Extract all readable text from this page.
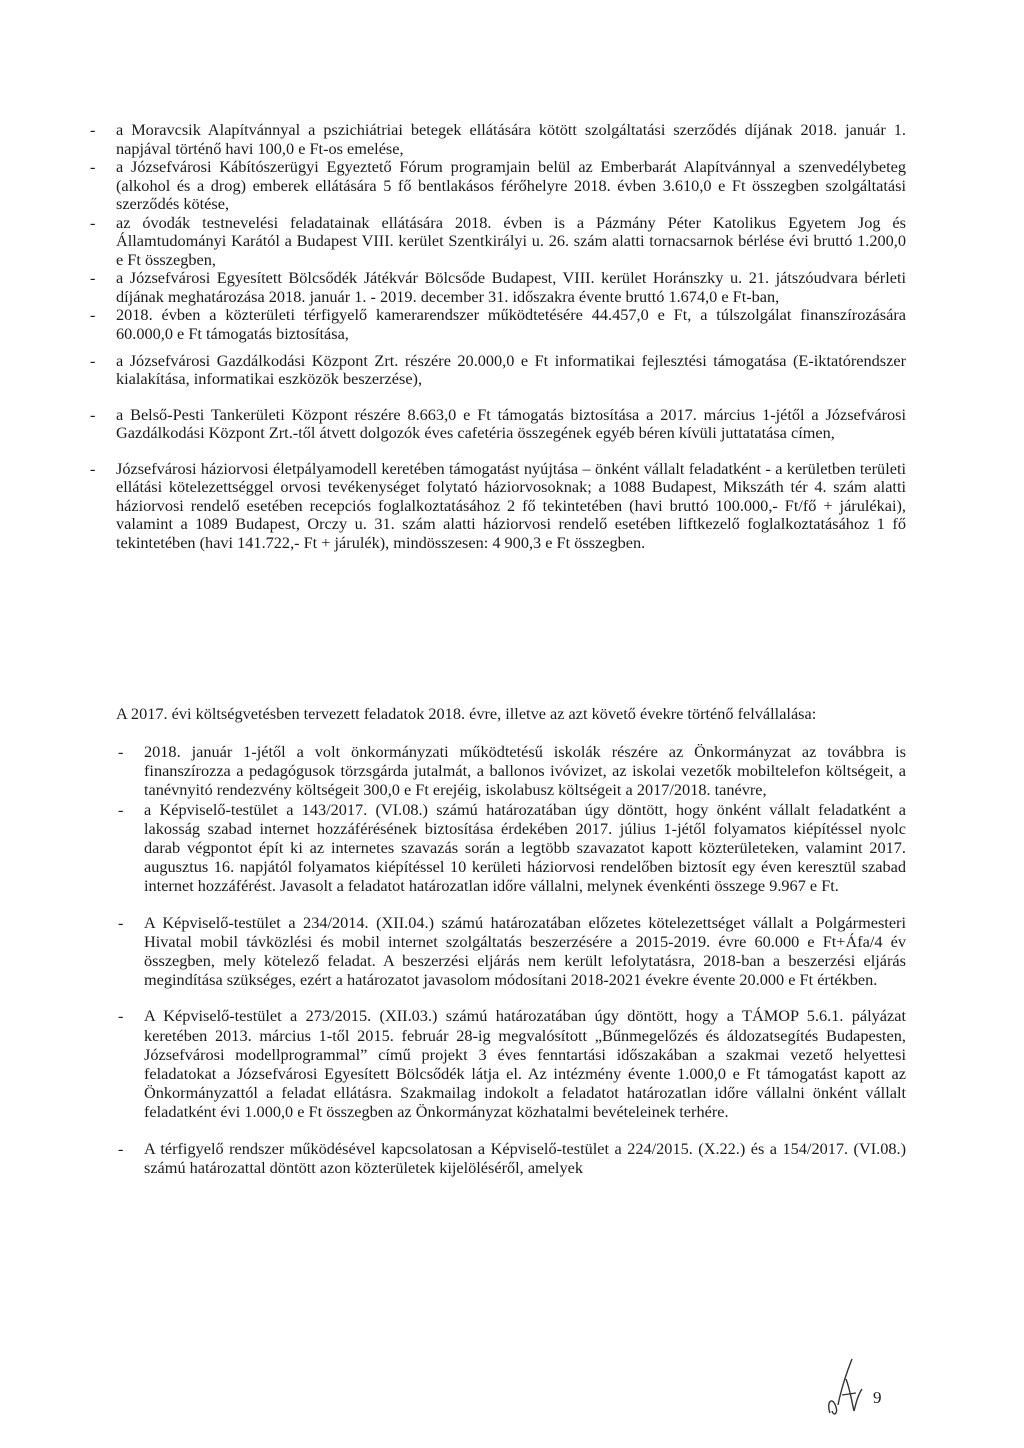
- a Moravcsik Alapítvánnyal a pszichiátriai betegek ellátására kötött szolgáltatási szerződés díjának 2018. január 1. napjával történő havi 100,0 e Ft-os emelése,
- a Józsefvárosi Kábítószerügyi Egyeztető Fórum programjain belül az Emberbarát Alapítvánnyal a szenvedélybeteg (alkohol és a drog) emberek ellátására 5 fő bentlakásos férőhelyre 2018. évben 3.610,0 e Ft összegben szolgáltatási szerződés kötése,
- az óvodák testnevelési feladatainak ellátására 2018. évben is a Pázmány Péter Katolikus Egyetem Jog és Államtudományi Karától a Budapest VIII. kerület Szentkirályi u. 26. szám alatti tornacsarnok bérlése évi bruttó 1.200,0 e Ft összegben,
- a Józsefvárosi Egyesített Bölcsődék Játékvár Bölcsőde Budapest, VIII. kerület Horánszky u. 21. játszóudvara bérleti díjának meghatározása 2018. január 1. - 2019. december 31. időszakra évente bruttó 1.674,0 e Ft-ban,
- 2018. évben a közterületi térfigyelő kamerarendszer működtetésére 44.457,0 e Ft, a túlszolgálat finanszírozására 60.000,0 e Ft támogatás biztosítása,
- a Józsefvárosi Gazdálkodási Központ Zrt. részére 20.000,0 e Ft informatikai fejlesztési támogatása (E-iktatórendszer kialakítása, informatikai eszközök beszerzése),
- a Belső-Pesti Tankerületi Központ részére 8.663,0 e Ft támogatás biztosítása a 2017. március 1-jétől a Józsefvárosi Gazdálkodási Központ Zrt.-től átvett dolgozók éves cafetéria összegének egyéb béren kívüli juttatatása címen,
- Józsefvárosi háziorvosi életpályamodell keretében támogatást nyújtása – önként vállalt feladatként - a kerületben területi ellátási kötelezettséggel orvosi tevékenységet folytató háziorvosoknak; a 1088 Budapest, Mikszáth tér 4. szám alatti háziorvosi rendelő esetében recepciós foglalkoztatásához 2 fő tekintetében (havi bruttó 100.000,- Ft/fő + járulékai), valamint a 1089 Budapest, Orczy u. 31. szám alatti háziorvosi rendelő esetében liftkezelő foglalkoztatásához 1 fő tekintetében (havi 141.722,- Ft + járulék), mindösszesen: 4 900,3 e Ft összegben.

A 2017. évi költségvetésben tervezett feladatok 2018. évre, illetve az azt követő évekre történő felvállalása:

- 2018. január 1-jétől a volt önkormányzati működtetésű iskolák részére az Önkormányzat az továbbra is finanszírozza a pedagógusok törzsgárda jutalmát, a ballonos ivóvizet, az iskolai vezetők mobiltelefon költségeit, a tanévnyitó rendezvény költségeit 300,0 e Ft erejéig, iskolabusz költségeit a 2017/2018. tanévre,
- a Képviselő-testület a 143/2017. (VI.08.) számú határozatában úgy döntött, hogy önként vállalt feladatként a lakosság szabad internet hozzáférésének biztosítása érdekében 2017. július 1-jétől folyamatos kiépítéssel nyolc darab végpontot épít ki az internetes szavazás során a legtöbb szavazatot kapott közterületeken, valamint 2017. augusztus 16. napjától folyamatos kiépítéssel 10 kerületi háziorvosi rendelőben biztosít egy éven keresztül szabad internet hozzáférést. Javasolt a feladatot határozatlan időre vállalni, melynek évenkénti összege 9.967 e Ft.
- A Képviselő-testület a 234/2014. (XII.04.) számú határozatában előzetes kötelezettséget vállalt a Polgármesteri Hivatal mobil távközlési és mobil internet szolgáltatás beszerzésére a 2015-2019. évre 60.000 e Ft+Áfa/4 év összegben, mely kötelező feladat. A beszerzési eljárás nem került lefolytatásra, 2018-ban a beszerzési eljárás megindítása szükséges, ezért a határozatot javasolom módosítani 2018-2021 évekre évente 20.000 e Ft értékben.
- A Képviselő-testület a 273/2015. (XII.03.) számú határozatában úgy döntött, hogy a TÁMOP 5.6.1. pályázat keretében 2013. március 1-től 2015. február 28-ig megvalósított „Bűnmegelőzés és áldozatsegítés Budapesten, Józsefvárosi modellprogrammal” című projekt 3 éves fenntartási időszakában a szakmai vezető helyettesi feladatokat a Józsefvárosi Egyesített Bölcsődék látja el. Az intézmény évente 1.000,0 e Ft támogatást kapott az Önkormányzattól a feladat ellátásra. Szakmailag indokolt a feladatot határozatlan időre vállalni önként vállalt feladatként évi 1.000,0 e Ft összegben az Önkormányzat közhatalmi bevételeinek terhére.
- A térfigyelő rendszer működésével kapcsolatosan a Képviselő-testület a 224/2015. (X.22.) és a 154/2017. (VI.08.) számú határozattal döntött azon közterületek kijelöléséről, amelyek
9
